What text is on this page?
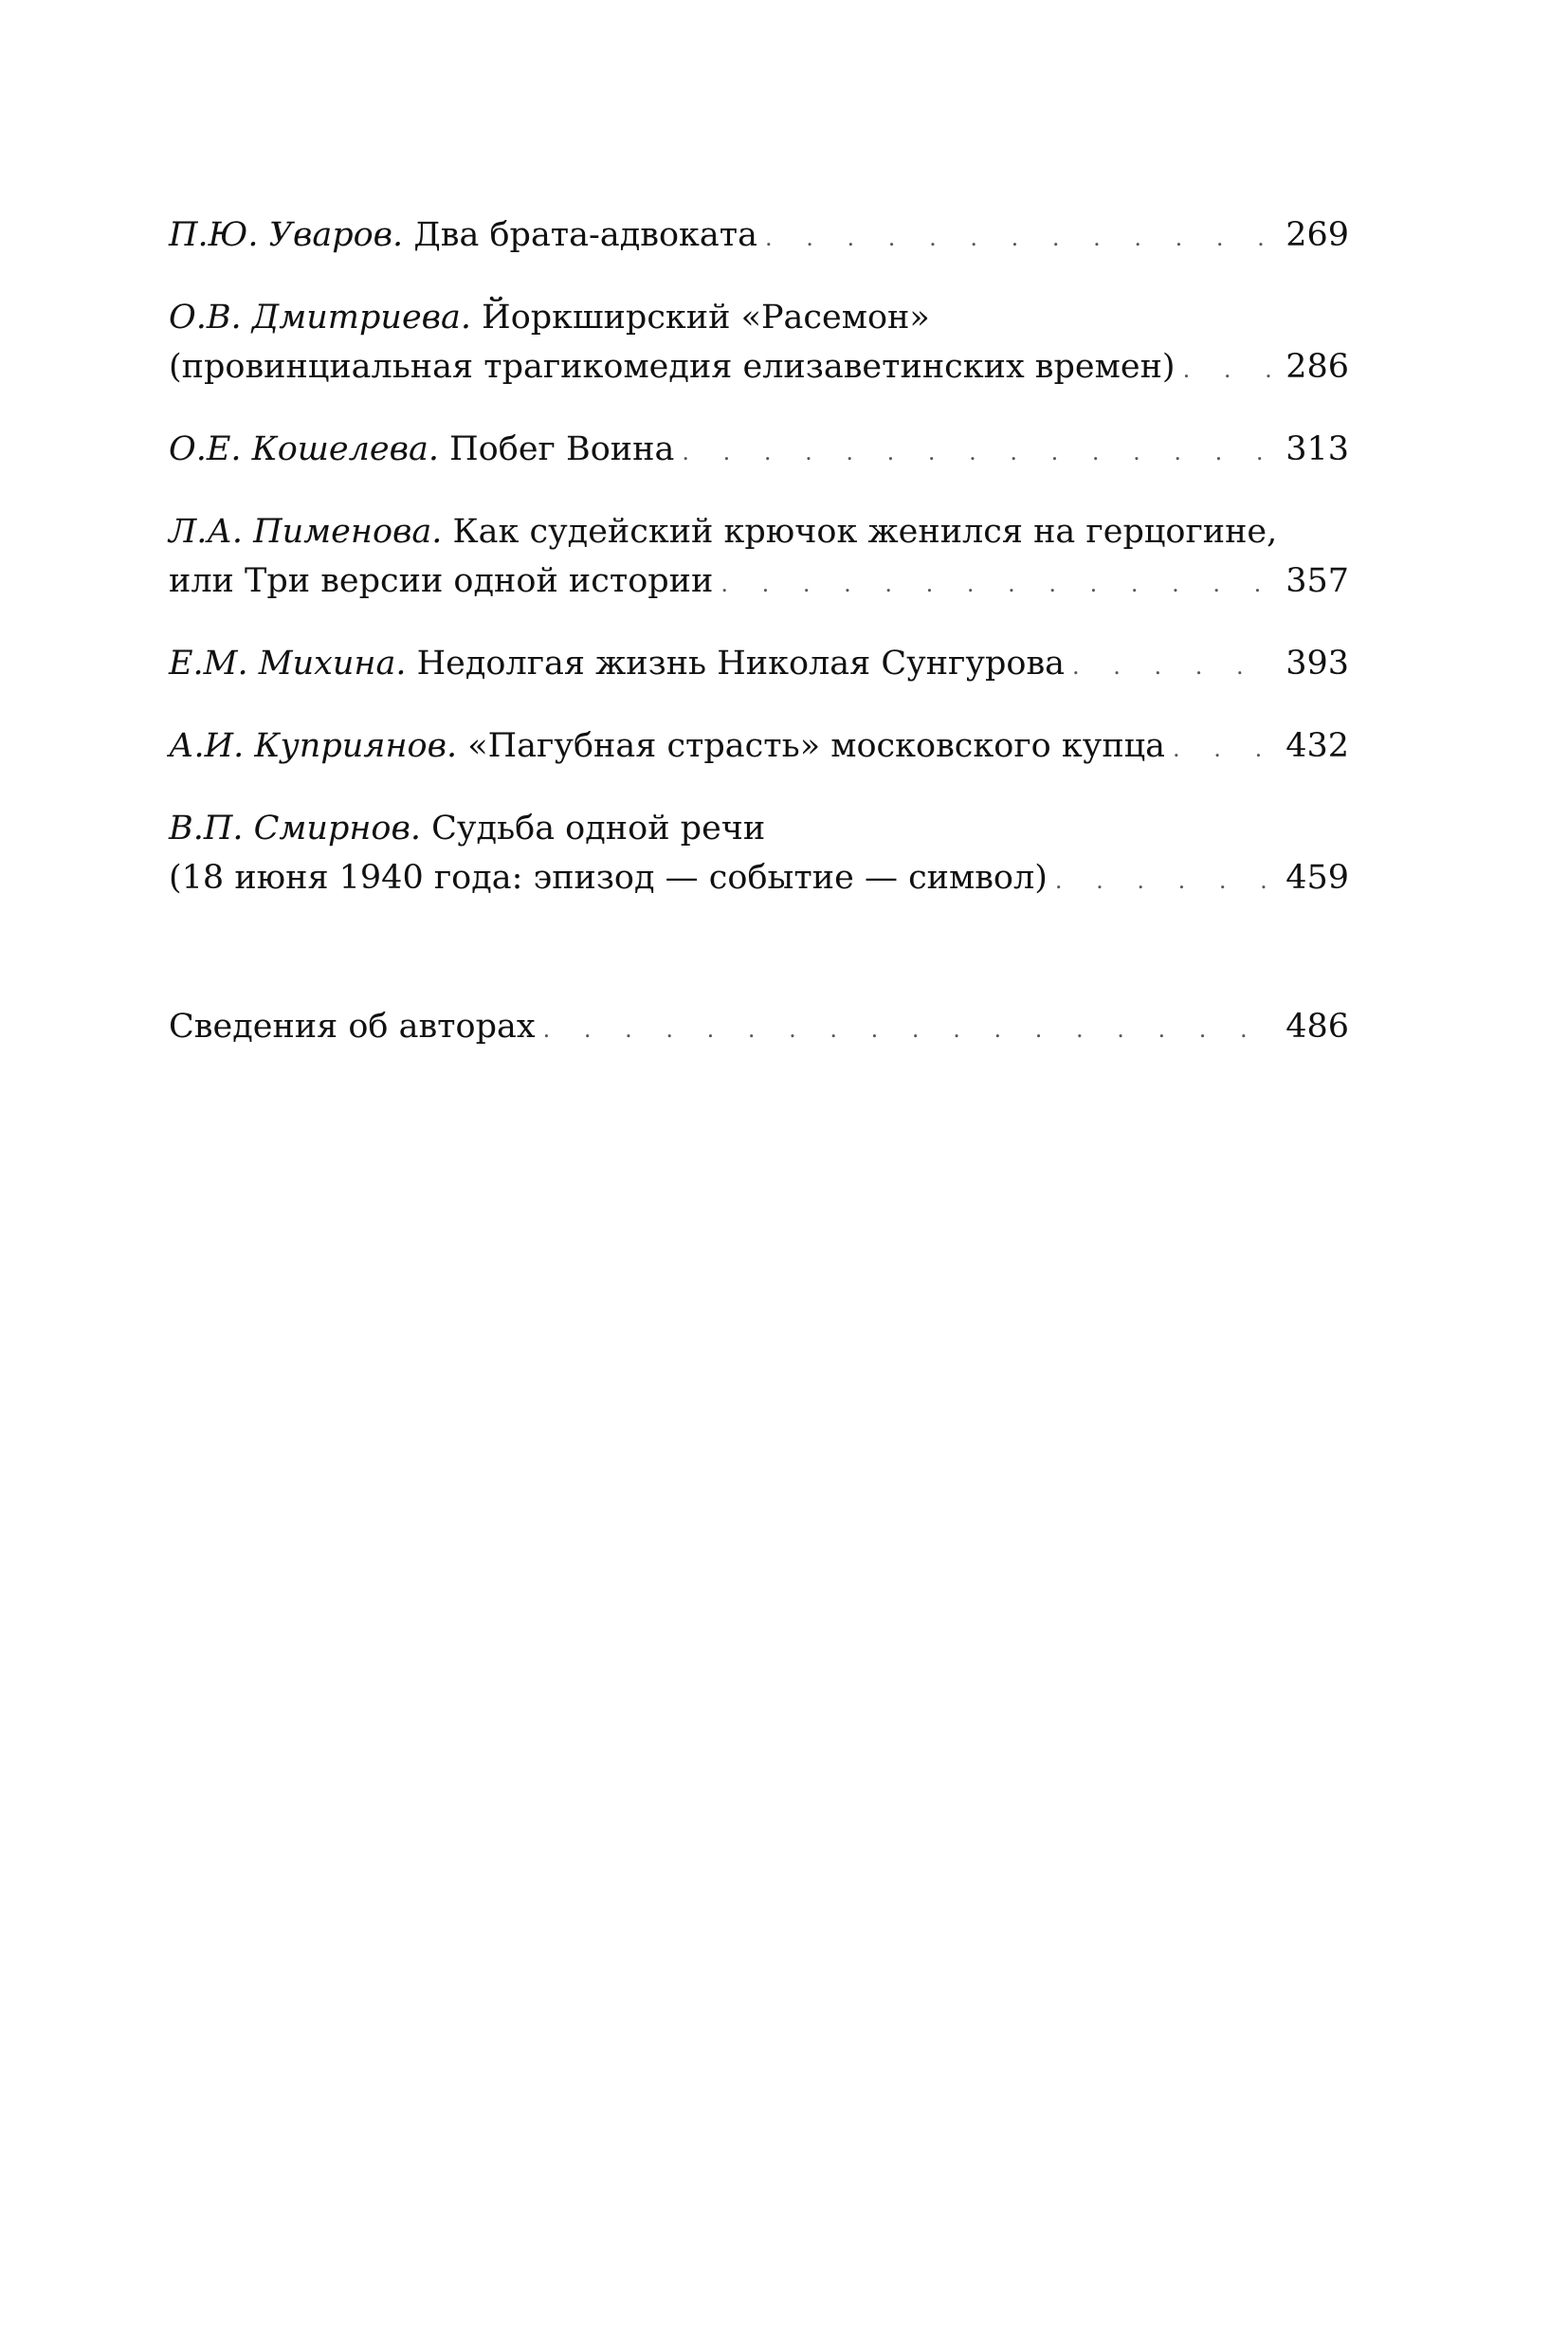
П.Ю. Уваров. Два брата-адвоката . . .	269
О.В. Дмитриева. Йоркширский «Расемон»
(провинциальная трагикомедия елизаветинских времен) . . .	286
О.Е. Кошелева. Побег Воина . . .	313
Л.А. Пименова. Как судейский крючок женился на герцогине,
или Три версии одной истории . . .	357
Е.М. Михина. Недолгая жизнь Николая Сунгурова . . .	393
А.И. Куприянов. «Пагубная страсть» московского купца . . .	432
В.П. Смирнов. Судьба одной речи
(18 июня 1940 года: эпизод — событие — символ) . . .	459
Сведения об авторах . . .	486
